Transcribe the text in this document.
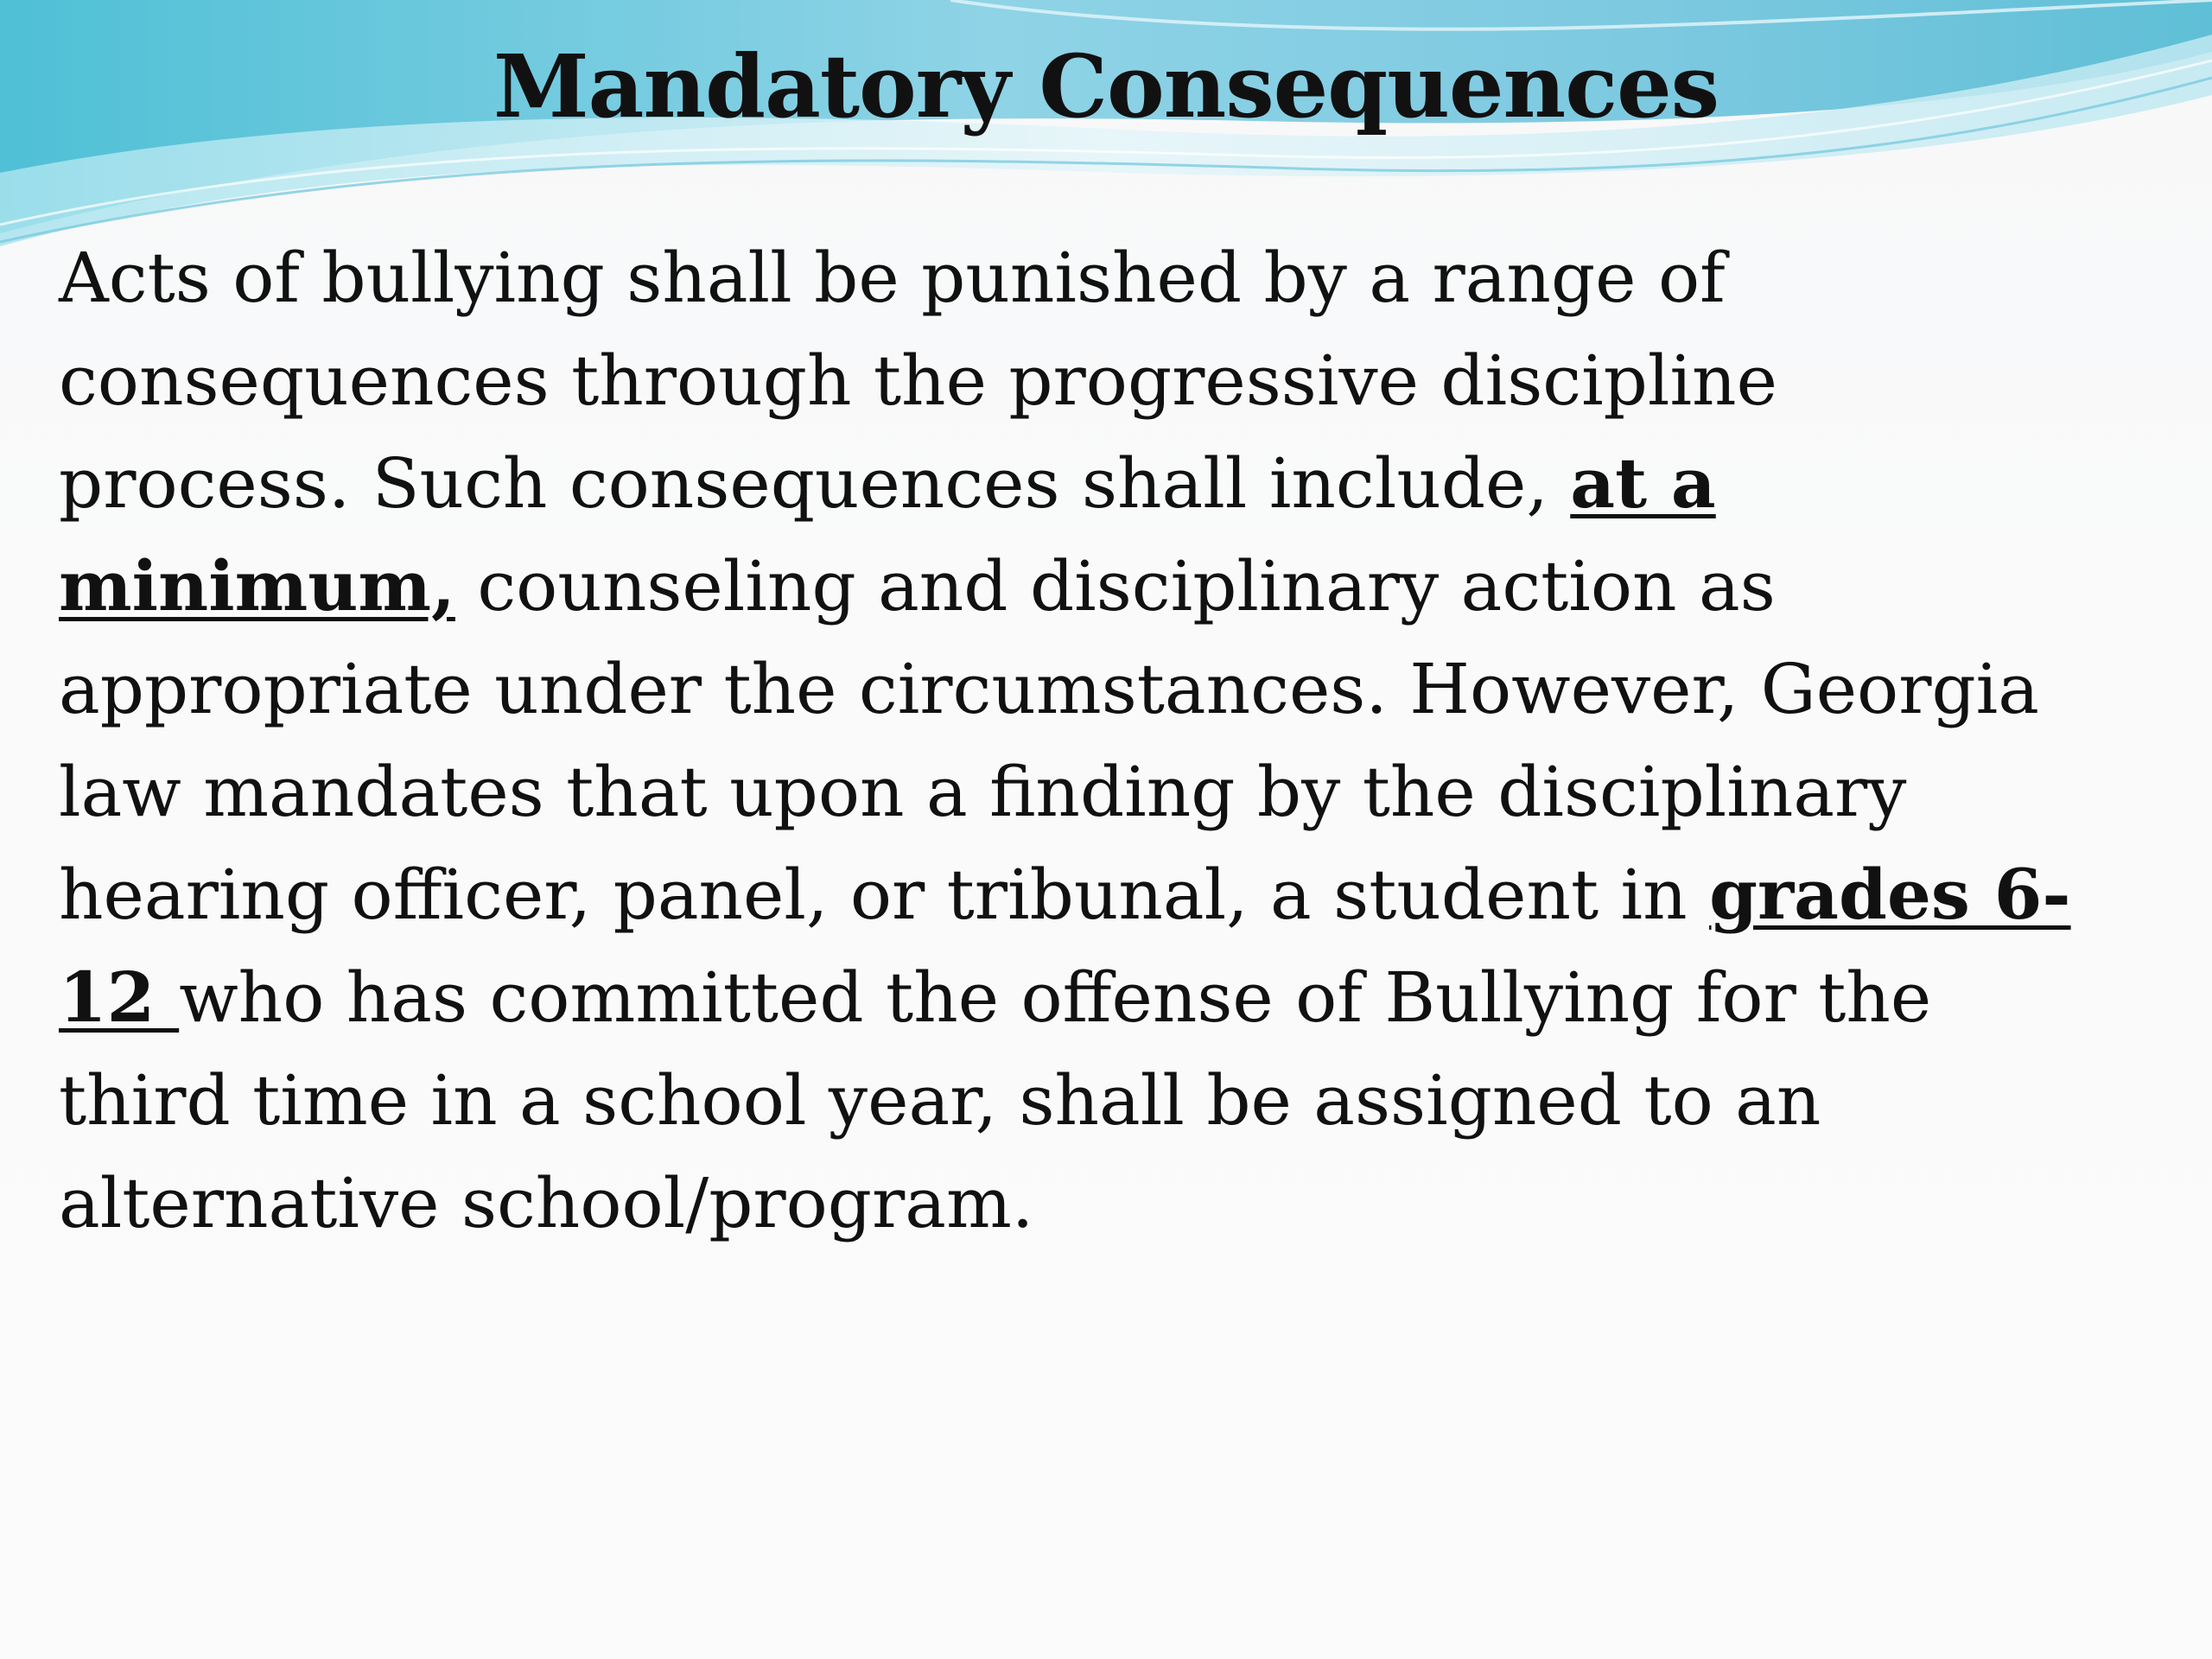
Mandatory Consequences
Acts of bullying shall be punished by a range of
consequences through the progressive discipline
process. Such consequences shall include, at a
minimum, counseling and disciplinary action as
appropriate under the circumstances. However, Georgia
law mandates that upon a finding by the disciplinary
hearing officer, panel, or tribunal, a student in grades 6-
12 who has committed the offense of Bullying for the
third time in a school year, shall be assigned to an
alternative school/program.
